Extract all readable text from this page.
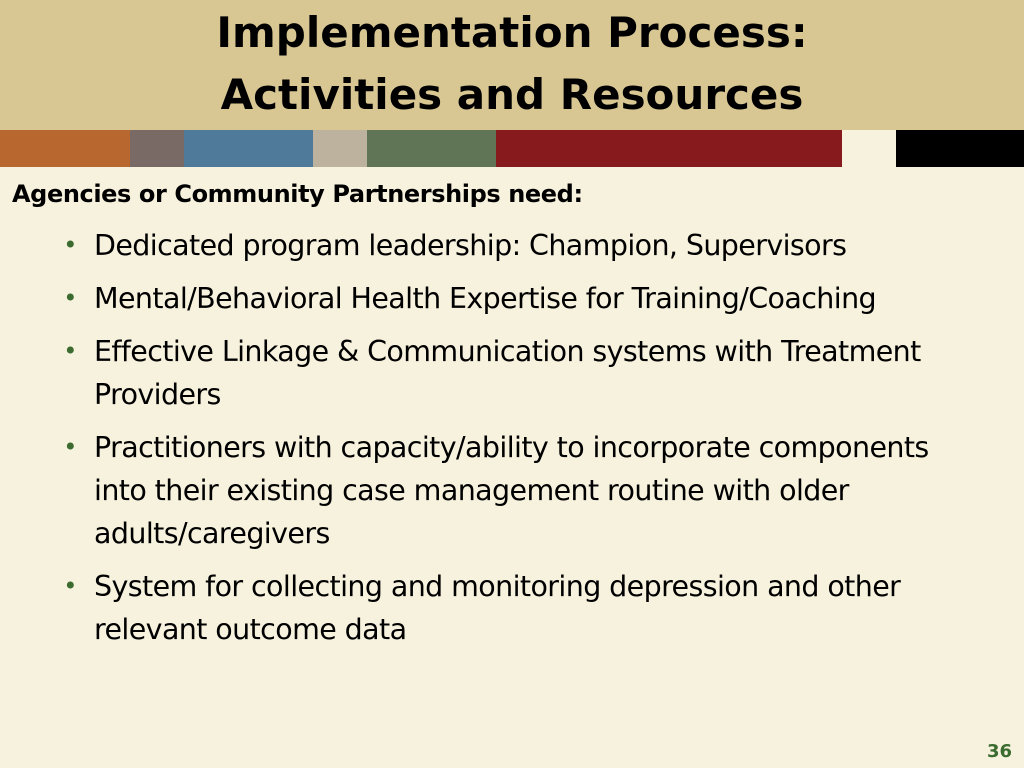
Implementation Process:
Activities and Resources
Agencies or Community Partnerships need:
• Dedicated program leadership: Champion, Supervisors
• Mental/Behavioral Health Expertise for Training/Coaching
• Effective Linkage & Communication systems with Treatment Providers
• Practitioners with capacity/ability to incorporate components into their existing case management routine with older adults/caregivers
• System for collecting and monitoring depression and other relevant outcome data
36
